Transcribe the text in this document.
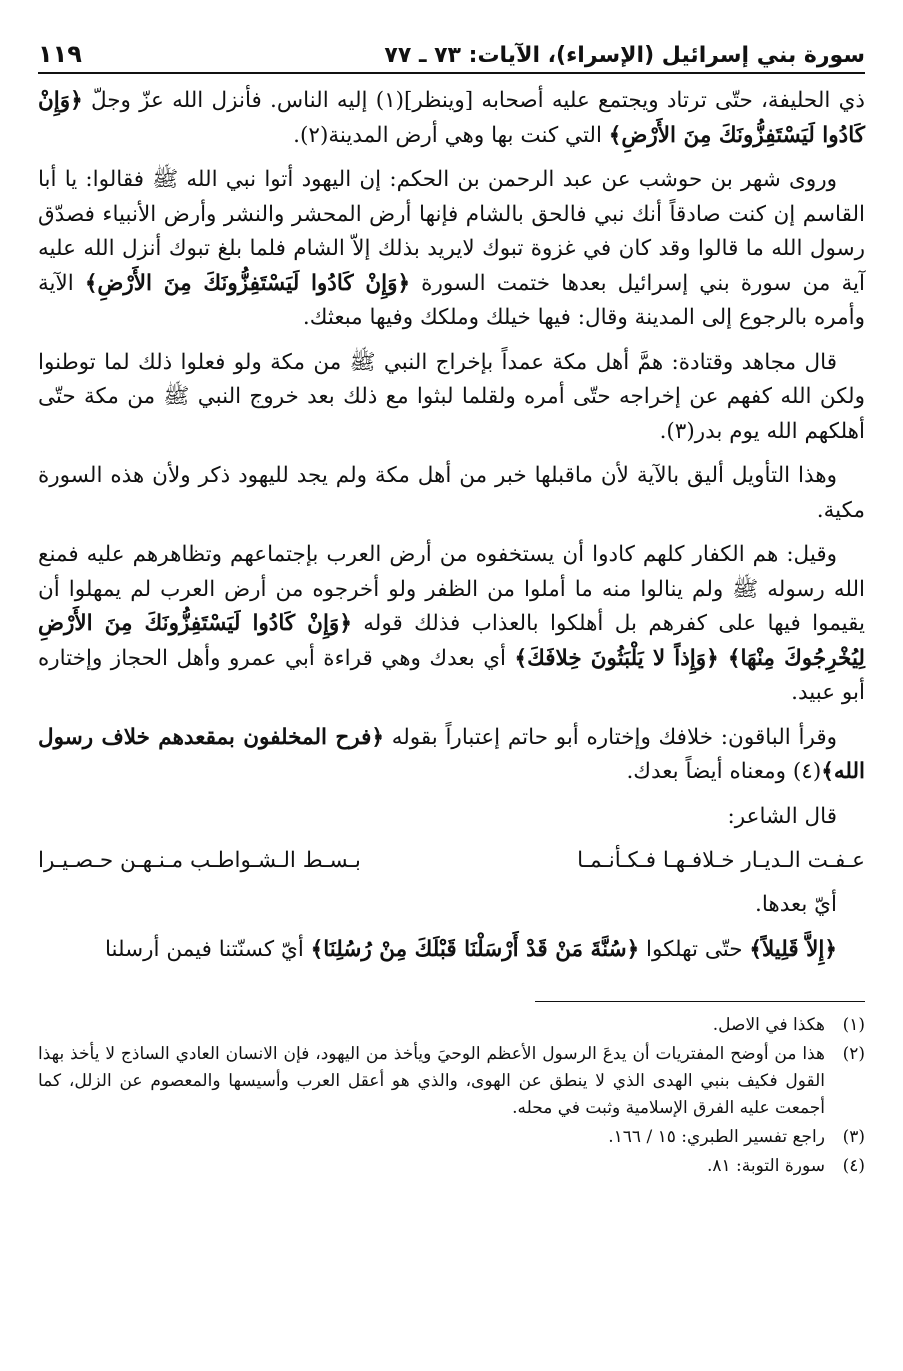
سورة بني إسرائيل (الإسراء)، الآيات: ٧٣ ـ ٧٧
١١٩

ذي الحليفة، حتّى ترتاد ويجتمع عليه أصحابه [وينظر](١) إليه الناس. فأنزل الله عزّ وجلّ ﴿وَإِنْ كَادُوا لَيَسْتَفِزُّونَكَ مِنَ الأَرْضِ﴾ التي كنت بها وهي أرض المدينة(٢).

وروى شهر بن حوشب عن عبد الرحمن بن الحكم: إن اليهود أتوا نبي الله ﷺ فقالوا: يا أبا القاسم إن كنت صادقاً أنك نبي فالحق بالشام فإنها أرض المحشر والنشر وأرض الأنبياء فصدّق رسول الله ما قالوا وقد كان في غزوة تبوك لايريد بذلك إلاّ الشام فلما بلغ تبوك أنزل الله عليه آية من سورة بني إسرائيل بعدها ختمت السورة ﴿وَإِنْ كَادُوا لَيَسْتَفِزُّونَكَ مِنَ الأَرْضِ﴾ الآية وأمره بالرجوع إلى المدينة وقال: فيها خيلك وملكك وفيها مبعثك.

قال مجاهد وقتادة: همَّ أهل مكة عمداً بإخراج النبي ﷺ من مكة ولو فعلوا ذلك لما توطنوا ولكن الله كفهم عن إخراجه حتّى أمره ولقلما لبثوا مع ذلك بعد خروج النبي ﷺ من مكة حتّى أهلكهم الله يوم بدر(٣).

وهذا التأويل أليق بالآية لأن ماقبلها خبر من أهل مكة ولم يجد لليهود ذكر ولأن هذه السورة مكية.

وقيل: هم الكفار كلهم كادوا أن يستخفوه من أرض العرب بإجتماعهم وتظاهرهم عليه فمنع الله رسوله ﷺ ولم ينالوا منه ما أملوا من الظفر ولو أخرجوه من أرض العرب لم يمهلوا أن يقيموا فيها على كفرهم بل أهلكوا بالعذاب فذلك قوله ﴿وَإِنْ كَادُوا لَيَسْتَفِزُّونَكَ مِنَ الأَرْضِ لِيُخْرِجُوكَ مِنْهَا﴾ ﴿وَإِذاً لا يَلْبَثُونَ خِلافَكَ﴾ أي بعدك وهي قراءة أبي عمرو وأهل الحجاز وإختاره أبو عبيد.

وقرأ الباقون: خلافك وإختاره أبو حاتم إعتباراً بقوله ﴿فرح المخلفون بمقعدهم خلاف رسول الله﴾(٤) ومعناه أيضاً بعدك.

قال الشاعر:

عـفـت الـديـار خـلافـهـا فـكـأنـمـا
بـسـط الـشـواطـب مـنـهـن حـصـيـرا

أيّ بعدها.

﴿إِلاَّ قَلِيلاً﴾ حتّى تهلكوا ﴿سُنَّةَ مَنْ قَدْ أَرْسَلْنَا قَبْلَكَ مِنْ رُسُلِنَا﴾ أيّ كسنّتنا فيمن أرسلنا

(١)
هكذا في الاصل.
(٢)
هذا من أوضح المفتريات أن يدعَ الرسول الأعظم الوحيَ ويأخذ من اليهود، فإن الانسان العادي الساذج لا يأخذ بهذا القول فكيف بنبي الهدى الذي لا ينطق عن الهوى، والذي هو أعقل العرب وأسيسها والمعصوم عن الزلل، كما أجمعت عليه الفرق الإسلامية وثبت في محله.
(٣)
راجع تفسير الطبري: ١٥ / ١٦٦.
(٤)
سورة التوبة: ٨١.
